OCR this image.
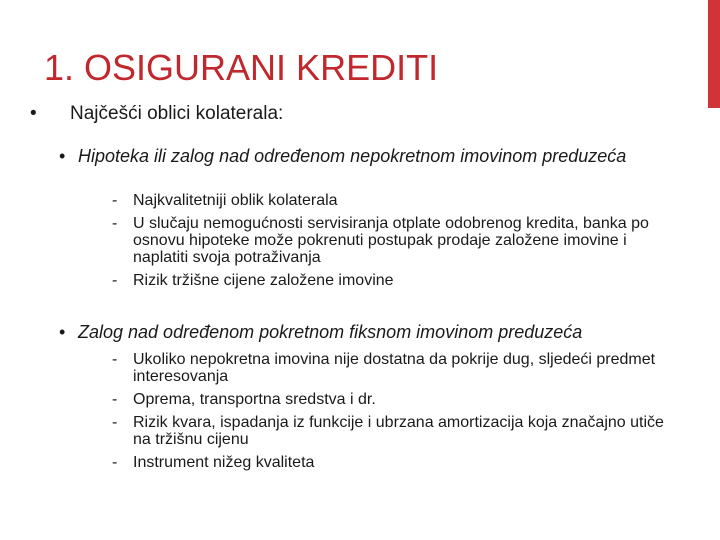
1. OSIGURANI KREDITI
• Najčešći oblici kolaterala:
• Hipoteka ili zalog nad određenom nepokretnom imovinom preduzeća
- Najkvalitetniji oblik kolaterala
- U slučaju nemogućnosti servisiranja otplate odobrenog kredita, banka po osnovu hipoteke može pokrenuti postupak prodaje založene imovine i naplatiti svoja potraživanja
- Rizik tržišne cijene založene imovine
• Zalog nad određenom pokretnom fiksnom imovinom preduzeća
- Ukoliko nepokretna imovina nije dostatna da pokrije dug, sljedeći predmet interesovanja
- Oprema, transportna sredstva i dr.
- Rizik kvara, ispadanja iz funkcije i ubrzana amortizacija koja značajno utiče na tržišnu cijenu
- Instrument nižeg kvaliteta
